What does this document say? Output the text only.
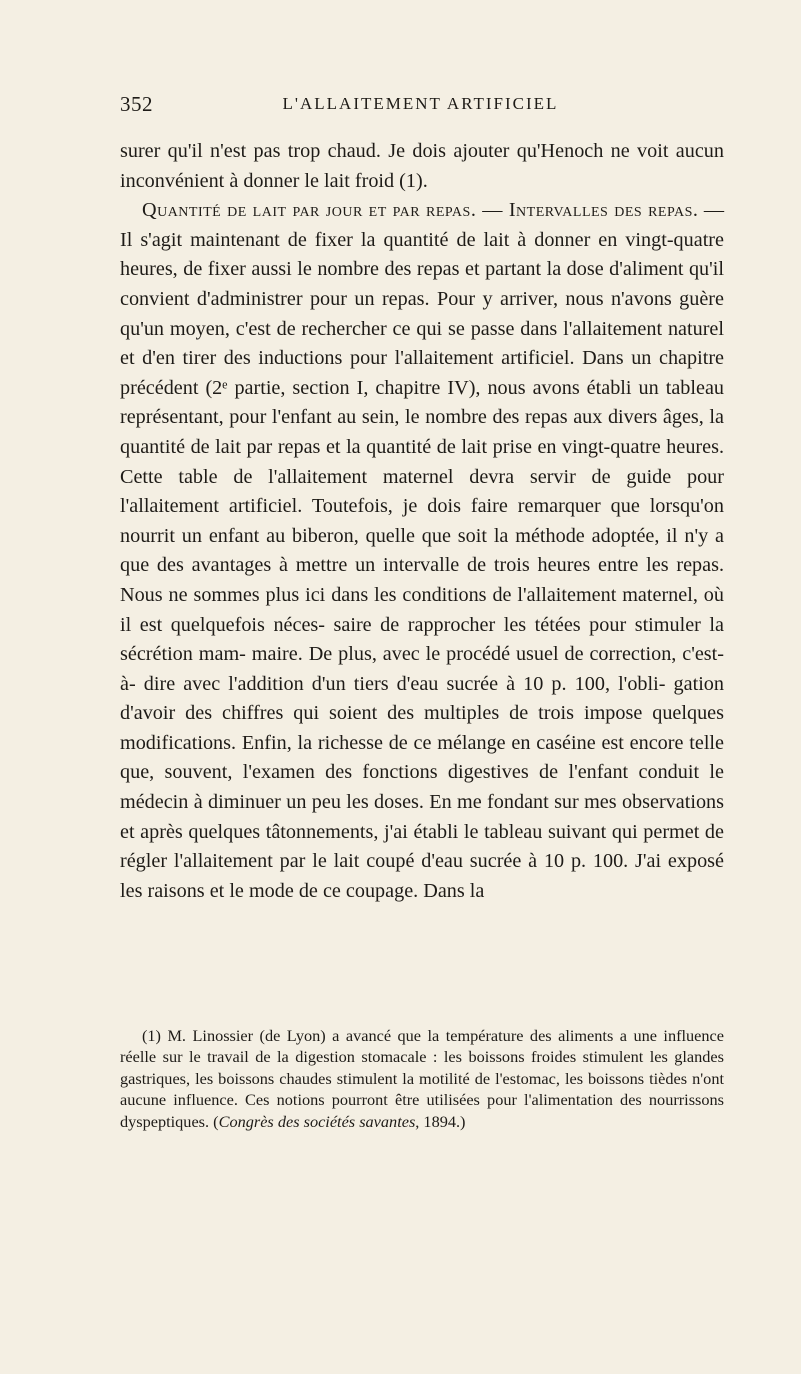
352	L'ALLAITEMENT ARTIFICIEL

surer qu'il n'est pas trop chaud. Je dois ajouter qu'Henoch ne voit aucun inconvénient à donner le lait froid (1).

Quantité de lait par jour et par repas. — Intervalles des repas. — Il s'agit maintenant de fixer la quantité de lait à donner en vingt-quatre heures, de fixer aussi le nombre des repas et partant la dose d'aliment qu'il convient d'administrer pour un repas. Pour y arriver, nous n'avons guère qu'un moyen, c'est de rechercher ce qui se passe dans l'allaitement naturel et d'en tirer des inductions pour l'allaitement artificiel. Dans un chapitre précédent (2ᵉ partie, section I, chapitre IV), nous avons établi un tableau représentant, pour l'enfant au sein, le nombre des repas aux divers âges, la quantité de lait par repas et la quantité de lait prise en vingt-quatre heures. Cette table de l'allaitement maternel devra servir de guide pour l'allaitement artificiel. Toutefois, je dois faire remarquer que lorsqu'on nourrit un enfant au biberon, quelle que soit la méthode adoptée, il n'y a que des avantages à mettre un intervalle de trois heures entre les repas. Nous ne sommes plus ici dans les conditions de l'allaitement maternel, où il est quelquefois néces- saire de rapprocher les tétées pour stimuler la sécrétion mam- maire. De plus, avec le procédé usuel de correction, c'est-à- dire avec l'addition d'un tiers d'eau sucrée à 10 p. 100, l'obli- gation d'avoir des chiffres qui soient des multiples de trois impose quelques modifications. Enfin, la richesse de ce mélange en caséine est encore telle que, souvent, l'examen des fonctions digestives de l'enfant conduit le médecin à diminuer un peu les doses. En me fondant sur mes observations et après quelques tâtonnements, j'ai établi le tableau suivant qui permet de régler l'allaitement par le lait coupé d'eau sucrée à 10 p. 100. J'ai exposé les raisons et le mode de ce coupage. Dans la

(1) M. Linossier (de Lyon) a avancé que la température des aliments a une influence réelle sur le travail de la digestion stomacale : les boissons froides stimulent les glandes gastriques, les boissons chaudes stimulent la motilité de l'estomac, les boissons tièdes n'ont aucune influence. Ces notions pourront être utilisées pour l'alimentation des nourrissons dyspeptiques. (Congrès des sociétés savantes, 1894.)
